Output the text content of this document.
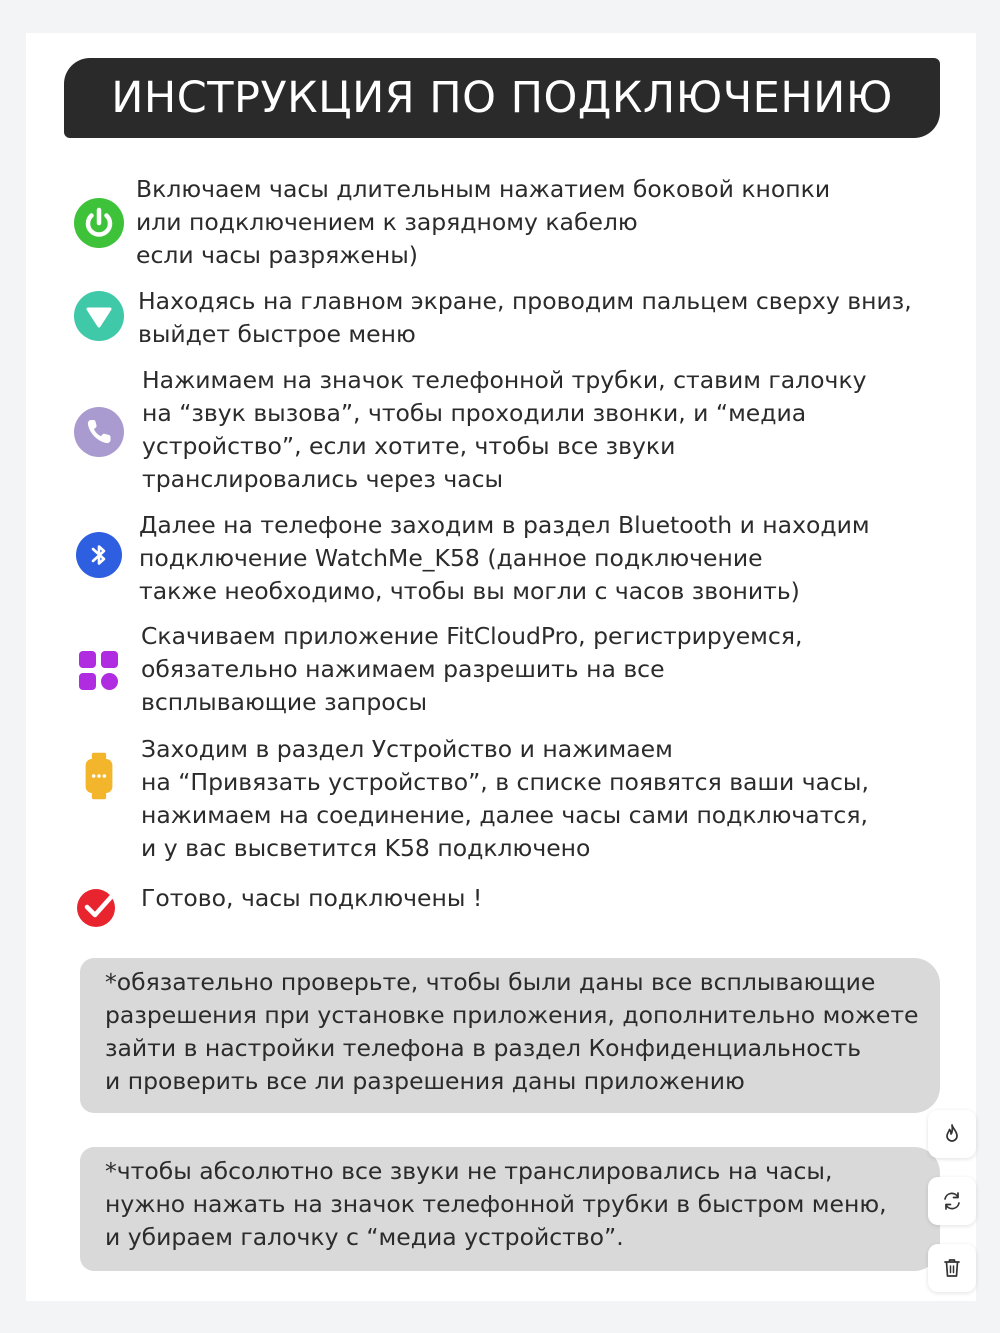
ИНСТРУКЦИЯ ПО ПОДКЛЮЧЕНИЮ
Включаем часы длительным нажатием боковой кнопки
или подключением к зарядному кабелю
если часы разряжены)
Находясь на главном экране, проводим пальцем сверху вниз,
выйдет быстрое меню
Нажимаем на значок телефонной трубки, ставим галочку
на “звук вызова”, чтобы проходили звонки, и “медиа
устройство”, если хотите, чтобы все звуки
транслировались через часы
Далее на телефоне заходим в раздел Bluetooth и находим
подключение WatchMe_K58 (данное подключение
также необходимо, чтобы вы могли с часов звонить)
Скачиваем приложение FitCloudPro, регистрируемся,
обязательно нажимаем разрешить на все
всплывающие запросы
Заходим в раздел Устройство и нажимаем
на “Привязать устройство”, в списке появятся ваши часы,
нажимаем на соединение, далее часы сами подключатся,
и у вас высветится K58 подключено
Готово, часы подключены !
*обязательно проверьте, чтобы были даны все всплывающие
разрешения при установке приложения, дополнительно можете
зайти в настройки телефона в раздел Конфиденциальность
и проверить все ли разрешения даны приложению
*чтобы абсолютно все звуки не транслировались на часы,
нужно нажать на значок телефонной трубки в быстром меню,
и убираем галочку с “медиа устройство”.
